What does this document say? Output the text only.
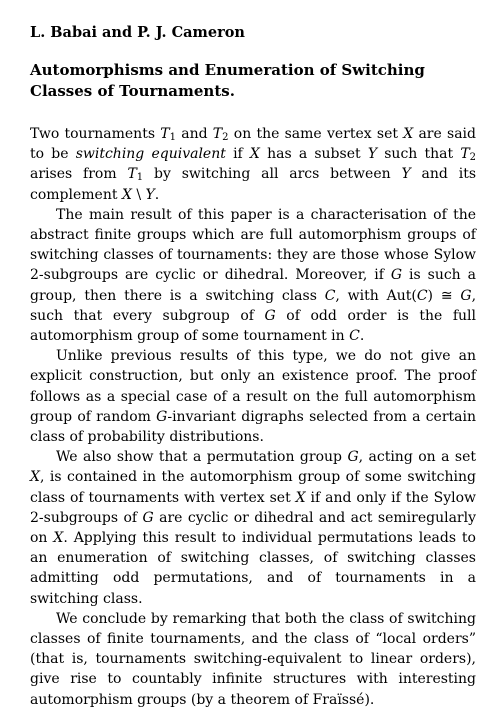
L. Babai and P. J. Cameron
Automorphisms and Enumeration of Switching Classes of Tournaments.

Two tournaments $T_1$ and $T_2$ on the same vertex set X are said to be switching equivalent if X has a subset Y such that $T_2$ arises from $T_1$ by switching all arcs between Y and its complement X \ Y.

The main result of this paper is a characterisation of the abstract finite groups which are full automorphism groups of switching classes of tournaments: they are those whose Sylow 2-subgroups are cyclic or dihedral. Moreover, if G is such a group, then there is a switching class C, with Aut(C) ≅ G, such that every subgroup of G of odd order is the full automorphism group of some tournament in C.

Unlike previous results of this type, we do not give an explicit construction, but only an existence proof. The proof follows as a special case of a result on the full automorphism group of random G-invariant digraphs selected from a certain class of probability distributions.

We also show that a permutation group G, acting on a set X, is contained in the automorphism group of some switching class of tournaments with vertex set X if and only if the Sylow 2-subgroups of G are cyclic or dihedral and act semiregularly on X. Applying this result to individual permutations leads to an enumeration of switching classes, of switching classes admitting odd permutations, and of tournaments in a switching class.

We conclude by remarking that both the class of switching classes of finite tournaments, and the class of “local orders” (that is, tournaments switching-equivalent to linear orders), give rise to countably infinite structures with interesting automorphism groups (by a theorem of Fraïssé).
